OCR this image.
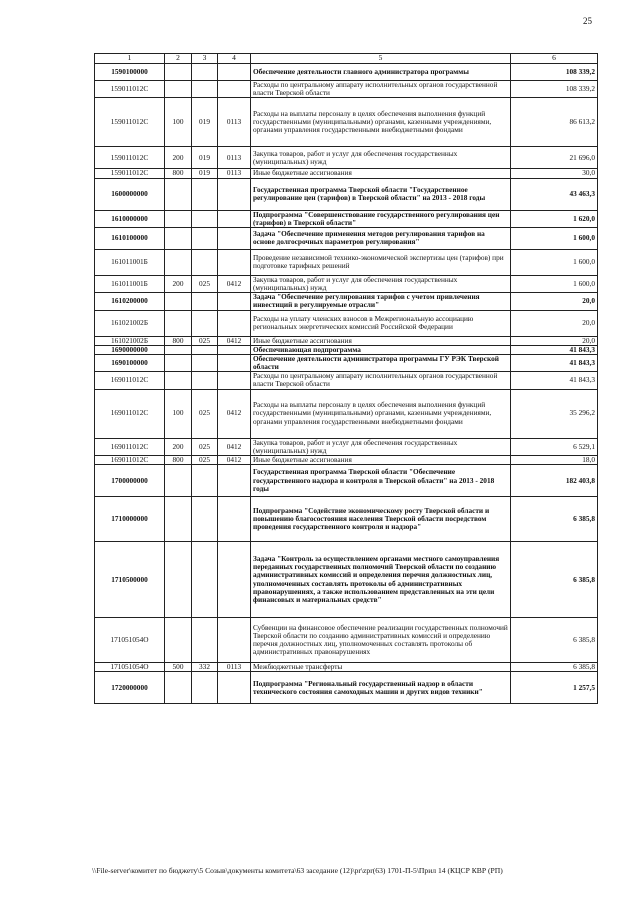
25
1	2	3	4	5	6
1590100000				Обеспечение деятельности главного администратора программы	108 339,2
159011012С				Расходы по центральному аппарату исполнительных органов государственной власти Тверской области	108 339,2
159011012С	100	019	0113	Расходы на выплаты персоналу в целях обеспечения выполнения функций государственными (муниципальными) органами, казенными учреждениями, органами управления государственными внебюджетными фондами	86 613,2
159011012С	200	019	0113	Закупка товаров, работ и услуг для обеспечения государственных (муниципальных) нужд	21 696,0
159011012С	800	019	0113	Иные бюджетные ассигнования	30,0
1600000000				Государственная программа Тверской области "Государственное регулирование цен (тарифов) в Тверской области" на 2013 - 2018 годы	43 463,3
1610000000				Подпрограмма "Совершенствование государственного регулирования цен (тарифов) в Тверской области"	1 620,0
1610100000				Задача "Обеспечение применения методов регулирования тарифов на основе долгосрочных параметров регулирования"	1 600,0
161011001Б				Проведение независимой технико-экономической экспертизы цен (тарифов) при подготовке тарифных решений	1 600,0
161011001Б	200	025	0412	Закупка товаров, работ и услуг для обеспечения государственных (муниципальных) нужд	1 600,0
1610200000				Задача "Обеспечение регулирования тарифов с учетом привлечения инвестиций в регулируемые отрасли"	20,0
161021002Б				Расходы на уплату членских взносов в Межрегиональную ассоциацию региональных энергетических комиссий Российской Федерации	20,0
161021002Б	800	025	0412	Иные бюджетные ассигнования	20,0
1690000000				Обеспечивающая подпрограмма	41 843,3
1690100000				Обеспечение деятельности администратора программы ГУ РЭК Тверской области	41 843,3
169011012С				Расходы по центральному аппарату исполнительных органов государственной власти Тверской области	41 843,3
169011012С	100	025	0412	Расходы на выплаты персоналу в целях обеспечения выполнения функций государственными (муниципальными) органами, казенными учреждениями, органами управления государственными внебюджетными фондами	35 296,2
169011012С	200	025	0412	Закупка товаров, работ и услуг для обеспечения государственных (муниципальных) нужд	6 529,1
169011012С	800	025	0412	Иные бюджетные ассигнования	18,0
1700000000				Государственная программа Тверской области "Обеспечение государственного надзора и контроля в Тверской области" на 2013 - 2018 годы	182 403,8
1710000000				Подпрограмма "Содействие экономическому росту Тверской области и повышению благосостояния населения Тверской области посредством проведения государственного контроля и надзора"	6 385,8
1710500000				Задача "Контроль за осуществлением органами местного самоуправления переданных государственных полномочий Тверской области по созданию административных комиссий и определения перечня должностных лиц, уполномоченных составлять протоколы об административных правонарушениях, а также использованием представленных на эти цели финансовых и материальных средств"	6 385,8
171051054О				Субвенции на финансовое обеспечение реализации государственных полномочий Тверской области по созданию административных комиссий и определению перечня должностных лиц, уполномоченных составлять протоколы об административных правонарушениях	6 385,8
171051054О	500	332	0113	Межбюджетные трансферты	6 385,8
1720000000				Подпрограмма "Региональный государственный надзор в области технического состояния самоходных машин и других видов техники"	1 257,5
\\File-server\комитет по бюджету\5 Созыв\документы комитета\63 заседание (12)\pr\zpr(63) 1701-П-5\Прил 14 (КЦСР КВР (РП)
